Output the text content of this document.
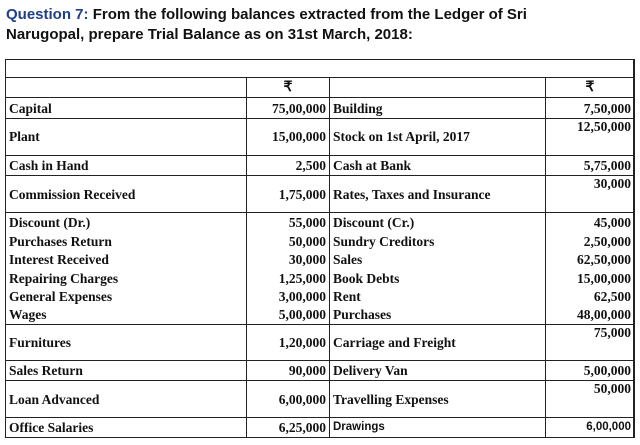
Question 7: From the following balances extracted from the Ledger of Sri
Narugopal, prepare Trial Balance as on 31st March, 2018:

	₹		₹
Capital	75,00,000	Building	7,50,000
Plant	15,00,000	Stock on 1st April, 2017	12,50,000
Cash in Hand	2,500	Cash at Bank	5,75,000
Commission Received	1,75,000	Rates, Taxes and Insurance	30,000
Discount (Dr.)	55,000	Discount (Cr.)	45,000
Purchases Return	50,000	Sundry Creditors	2,50,000
Interest Received	30,000	Sales	62,50,000
Repairing Charges	1,25,000	Book Debts	15,00,000
General Expenses	3,00,000	Rent	62,500
Wages	5,00,000	Purchases	48,00,000
Furnitures	1,20,000	Carriage and Freight	75,000
Sales Return	90,000	Delivery Van	5,00,000
Loan Advanced	6,00,000	Travelling Expenses	50,000
Office Salaries	6,25,000	Drawings	6,00,000
